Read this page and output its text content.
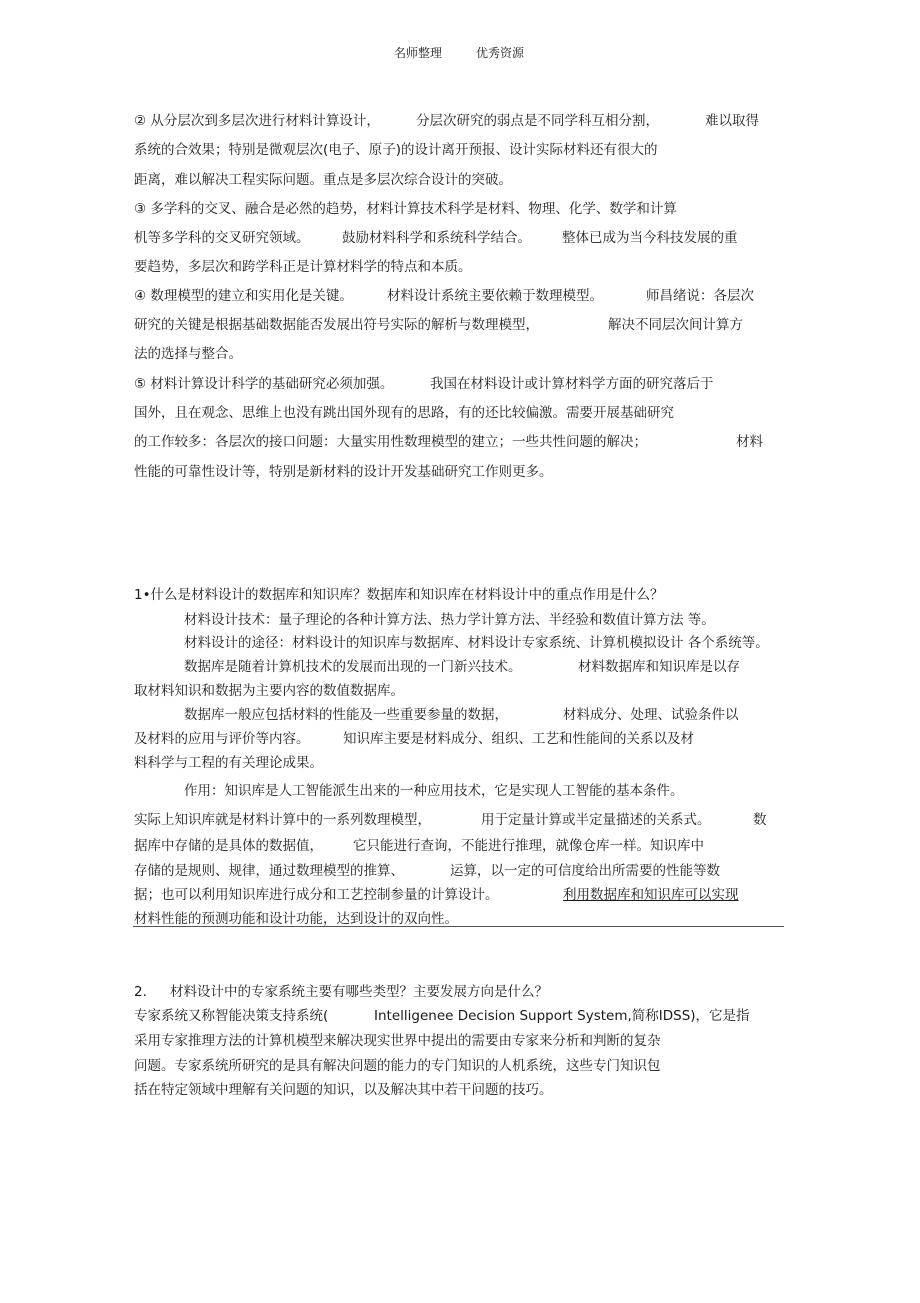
名师整理	优秀资源
② 从分层次到多层次进行材料计算设计，	分层次研究的弱点是不同学科互相分割，	难以取得
系统的合效果；特别是微观层次(电子、原子)的设计离开预报、设计实际材料还有很大的
距离，难以解决工程实际问题。重点是多层次综合设计的突破。
③ 多学科的交叉、融合是必然的趋势，材料计算技术科学是材料、物理、化学、数学和计算
机等多学科的交叉研究领域。 鼓励材料科学和系统科学结合。 整体已成为当今科技发展的重
要趋势，多层次和跨学科正是计算材料学的特点和本质。
④ 数理模型的建立和实用化是关键。	材料设计系统主要依赖于数理模型。	师昌绪说：各层次
研究的关键是根据基础数据能否发展出符号实际的解析与数理模型，	解决不同层次间计算方
法的选择与整合。
⑤ 材料计算设计科学的基础研究必须加强。	我国在材料设计或计算材料学方面的研究落后于
国外，且在观念、思维上也没有跳出国外现有的思路，有的还比较偏激。需要开展基础研究
的工作较多：各层次的接口问题：大量实用性数理模型的建立；一些共性问题的解决；	材料
性能的可靠性设计等，特别是新材料的设计开发基础研究工作则更多。
1•什么是材料设计的数据库和知识库？数据库和知识库在材料设计中的重点作用是什么？
材料设计技术：量子理论的各种计算方法、热力学计算方法、半经验和数值计算方法 等。
材料设计的途径：材料设计的知识库与数据库、材料设计专家系统、计算机模拟设计 各个系统等。
数据库是随着计算机技术的发展而出现的一门新兴技术。	材料数据库和知识库是以存
取材料知识和数据为主要内容的数值数据库。
数据库一般应包括材料的性能及一些重要参量的数据，	材料成分、处理、试验条件以
及材料的应用与评价等内容。 知识库主要是材料成分、组织、工艺和性能间的关系以及材
料科学与工程的有关理论成果。
作用：知识库是人工智能派生出来的一种应用技术，它是实现人工智能的基本条件。
实际上知识库就是材料计算中的一系列数理模型，	用于定量计算或半定量描述的关系式。	数
据库中存储的是具体的数据值， 它只能进行查询，不能进行推理，就像仓库一样。知识库中
存储的是规则、规律，通过数理模型的推算、	运算，以一定的可信度给出所需要的性能等数
据；也可以利用知识库进行成分和工艺控制参量的计算设计。	利用数据库和知识库可以实现
材料性能的预测功能和设计功能，达到设计的双向性。
2. 材料设计中的专家系统主要有哪些类型？主要发展方向是什么？
专家系统又称智能决策支持系统(	Intelligenee Decision Support System,简称IDSS)，它是指
采用专家推理方法的计算机模型来解决现实世界中提出的需要由专家来分析和判断的复杂
问题。专家系统所研究的是具有解决问题的能力的专门知识的人机系统，这些专门知识包
括在特定领域中理解有关问题的知识，以及解决其中若干问题的技巧。
